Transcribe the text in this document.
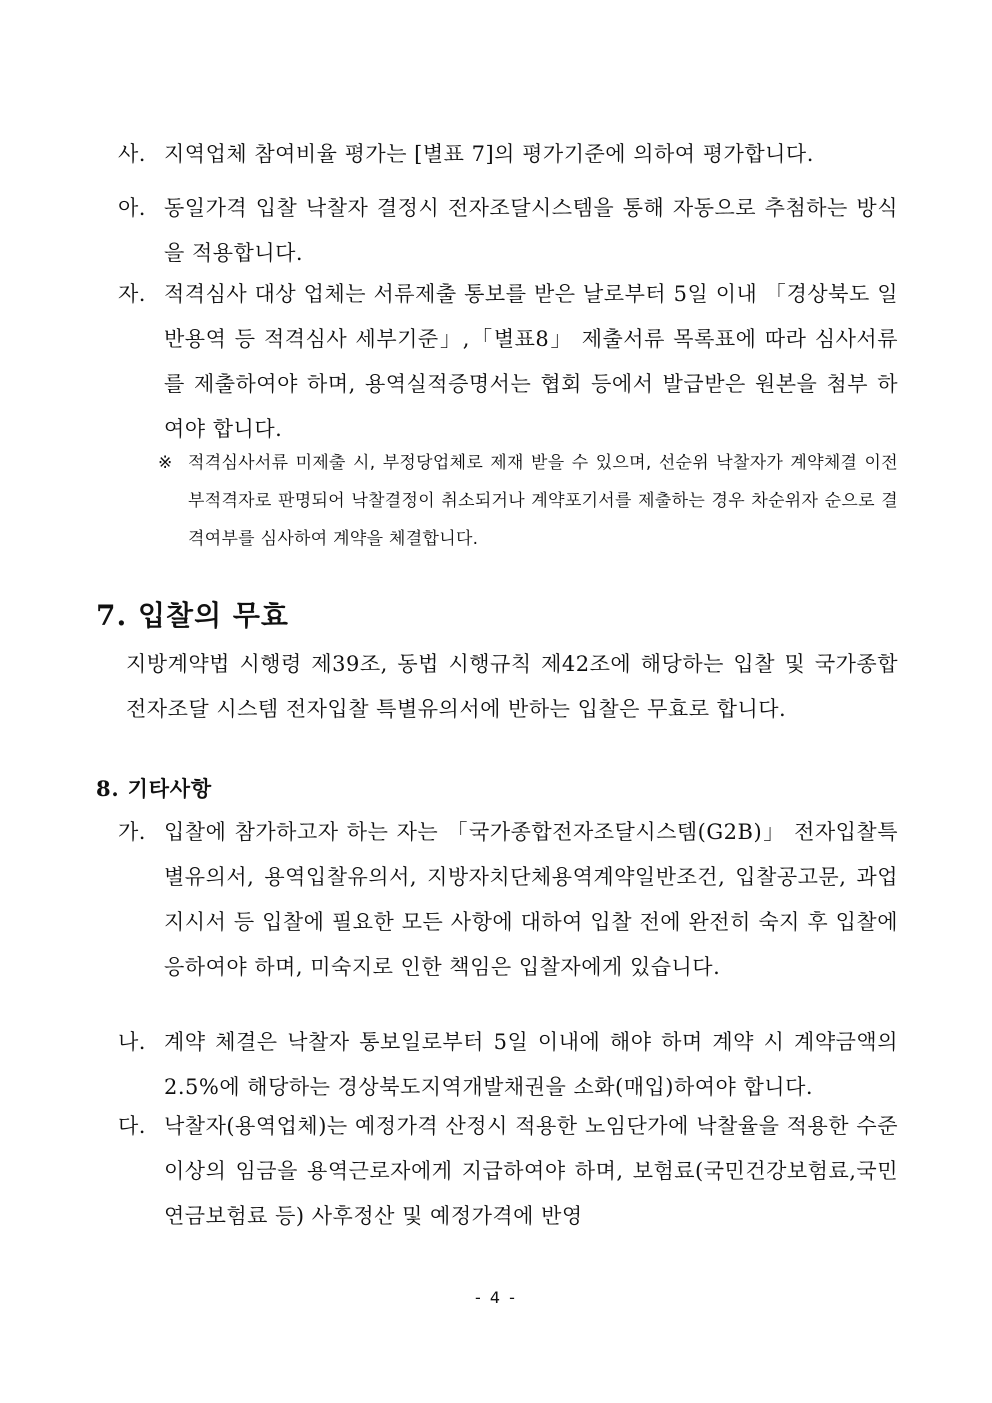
사. 지역업체 참여비율 평가는 [별표 7]의 평가기준에 의하여 평가합니다.
아. 동일가격 입찰 낙찰자 결정시 전자조달시스템을 통해 자동으로 추첨하는 방식을 적용합니다.
자. 적격심사 대상 업체는 서류제출 통보를 받은 날로부터 5일 이내 「경상북도 일반용역 등 적격심사 세부기준」,「별표8」 제출서류 목록표에 따라 심사서류를 제출하여야 하며, 용역실적증명서는 협회 등에서 발급받은 원본을 첨부 하여야 합니다.
※ 적격심사서류 미제출 시, 부정당업체로 제재 받을 수 있으며, 선순위 낙찰자가 계약체결 이전 부적격자로 판명되어 낙찰결정이 취소되거나 계약포기서를 제출하는 경우 차순위자 순으로 결격여부를 심사하여 계약을 체결합니다.
7. 입찰의 무효
지방계약법 시행령 제39조, 동법 시행규칙 제42조에 해당하는 입찰 및 국가종합 전자조달 시스템 전자입찰 특별유의서에 반하는 입찰은 무효로 합니다.
8. 기타사항
가. 입찰에 참가하고자 하는 자는 「국가종합전자조달시스템(G2B)」 전자입찰특별유의서, 용역입찰유의서, 지방자치단체용역계약일반조건, 입찰공고문, 과업지시서 등 입찰에 필요한 모든 사항에 대하여 입찰 전에 완전히 숙지 후 입찰에 응하여야 하며, 미숙지로 인한 책임은 입찰자에게 있습니다.
나. 계약 체결은 낙찰자 통보일로부터 5일 이내에 해야 하며 계약 시 계약금액의 2.5%에 해당하는 경상북도지역개발채권을 소화(매입)하여야 합니다.
다. 낙찰자(용역업체)는 예정가격 산정시 적용한 노임단가에 낙찰율을 적용한 수준 이상의 임금을 용역근로자에게 지급하여야 하며, 보험료(국민건강보험료,국민연금보험료 등) 사후정산 및 예정가격에 반영
- 4 -
